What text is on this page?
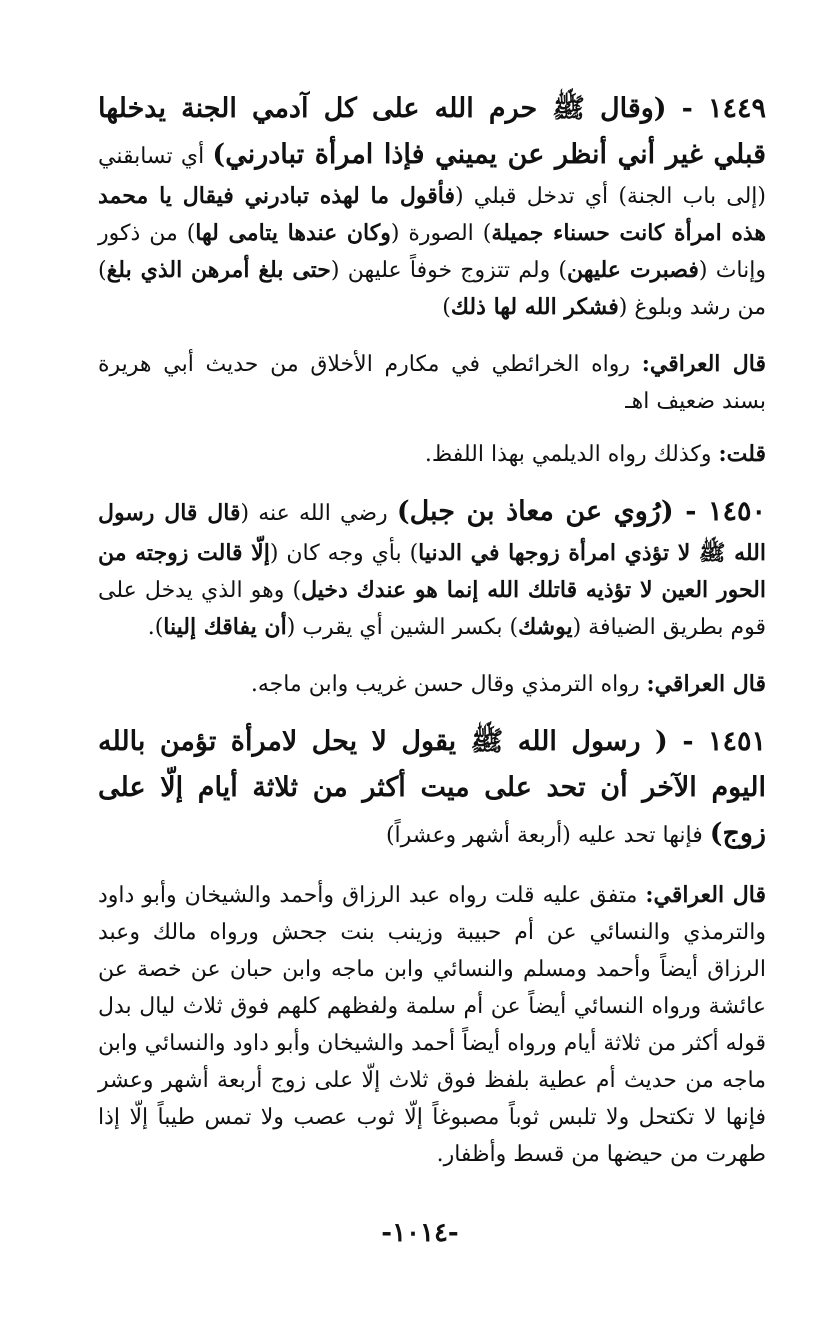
١٤٤٩ - (وقال ﷺ حرم الله على كل آدمي الجنة يدخلها قبلي غير أني أنظر عن يميني فإذا امرأة تبادرني) أي تسابقني (إلى باب الجنة) أي تدخل قبلي (فأقول ما لهذه تبادرني فيقال يا محمد هذه امرأة كانت حسناء جميلة) الصورة (وكان عندها يتامى لها) من ذكور وإناث (فصبرت عليهن) ولم تتزوج خوفاً عليهن (حتى بلغ أمرهن الذي بلغ) من رشد وبلوغ (فشكر الله لها ذلك)

قال العراقي: رواه الخرائطي في مكارم الأخلاق من حديث أبي هريرة بسند ضعيف اهـ

قلت: وكذلك رواه الديلمي بهذا اللفظ.

١٤٥٠ - (رُوي عن معاذ بن جبل) رضي الله عنه (قال قال رسول الله ﷺ لا تؤذي امرأة زوجها في الدنيا) بأي وجه كان (إلّا قالت زوجته من الحور العين لا تؤذيه قاتلك الله إنما هو عندك دخيل) وهو الذي يدخل على قوم بطريق الضيافة (يوشك) بكسر الشين أي يقرب (أن يفاقك إلينا).

قال العراقي: رواه الترمذي وقال حسن غريب وابن ماجه.

١٤٥١ - ( رسول الله ﷺ يقول لا يحل لامرأة تؤمن بالله اليوم الآخر أن تحد على ميت أكثر من ثلاثة أيام إلّا على زوج) فإنها تحد عليه (أربعة أشهر وعشراً)

قال العراقي: متفق عليه قلت رواه عبد الرزاق وأحمد والشيخان وأبو داود والترمذي والنسائي عن أم حبيبة وزينب بنت جحش ورواه مالك وعبد الرزاق أيضاً وأحمد ومسلم والنسائي وابن ماجه وابن حبان عن خصة عن عائشة ورواه النسائي أيضاً عن أم سلمة ولفظهم كلهم فوق ثلاث ليال بدل قوله أكثر من ثلاثة أيام ورواه أيضاً أحمد والشيخان وأبو داود والنسائي وابن ماجه من حديث أم عطية بلفظ فوق ثلاث إلّا على زوج أربعة أشهر وعشر فإنها لا تكتحل ولا تلبس ثوباً مصبوغاً إلّا ثوب عصب ولا تمس طيباً إلّا إذا طهرت من حيضها من قسط وأظفار.

-١٠١٤-
